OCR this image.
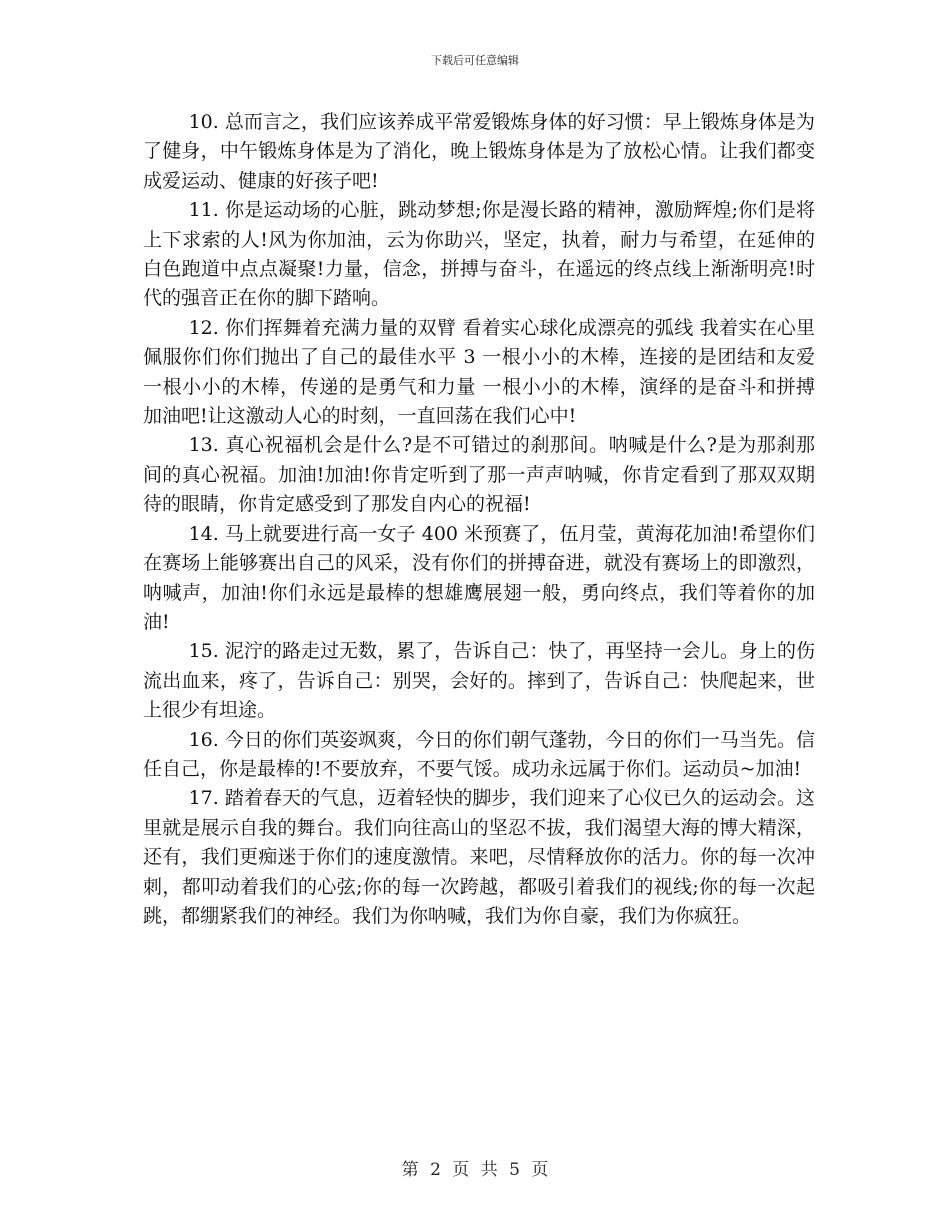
下载后可任意编辑

10. 总而言之，我们应该养成平常爱锻炼身体的好习惯：早上锻炼身体是为了健身，中午锻炼身体是为了消化，晚上锻炼身体是为了放松心情。让我们都变成爱运动、健康的好孩子吧!

11. 你是运动场的心脏，跳动梦想;你是漫长路的精神，激励辉煌;你们是将上下求索的人!风为你加油，云为你助兴，坚定，执着，耐力与希望，在延伸的白色跑道中点点凝聚!力量，信念，拼搏与奋斗，在遥远的终点线上渐渐明亮!时代的强音正在你的脚下踏响。

12. 你们挥舞着充满力量的双臂 看着实心球化成漂亮的弧线 我着实在心里佩服你们你们抛出了自己的最佳水平 3 一根小小的木棒，连接的是团结和友爱 一根小小的木棒，传递的是勇气和力量 一根小小的木棒，演绎的是奋斗和拼搏 加油吧!让这激动人心的时刻，一直回荡在我们心中!

13. 真心祝福机会是什么?是不可错过的刹那间。呐喊是什么?是为那刹那间的真心祝福。加油!加油!你肯定听到了那一声声呐喊，你肯定看到了那双双期待的眼睛，你肯定感受到了那发自内心的祝福!

14. 马上就要进行高一女子 400 米预赛了，伍月莹，黄海花加油!希望你们在赛场上能够赛出自己的风采，没有你们的拼搏奋进，就没有赛场上的即激烈，呐喊声，加油!你们永远是最棒的想雄鹰展翅一般，勇向终点，我们等着你的加油!

15. 泥泞的路走过无数，累了，告诉自己：快了，再坚持一会儿。身上的伤流出血来，疼了，告诉自己：别哭，会好的。摔到了，告诉自己：快爬起来，世上很少有坦途。

16. 今日的你们英姿飒爽，今日的你们朝气蓬勃，今日的你们一马当先。信任自己，你是最棒的!不要放弃，不要气馁。成功永远属于你们。运动员~加油!

17. 踏着春天的气息，迈着轻快的脚步，我们迎来了心仪已久的运动会。这里就是展示自我的舞台。我们向往高山的坚忍不拔，我们渴望大海的博大精深，还有，我们更痴迷于你们的速度激情。来吧，尽情释放你的活力。你的每一次冲刺，都叩动着我们的心弦;你的每一次跨越，都吸引着我们的视线;你的每一次起跳，都绷紧我们的神经。我们为你呐喊，我们为你自豪，我们为你疯狂。

第 2 页 共 5 页
